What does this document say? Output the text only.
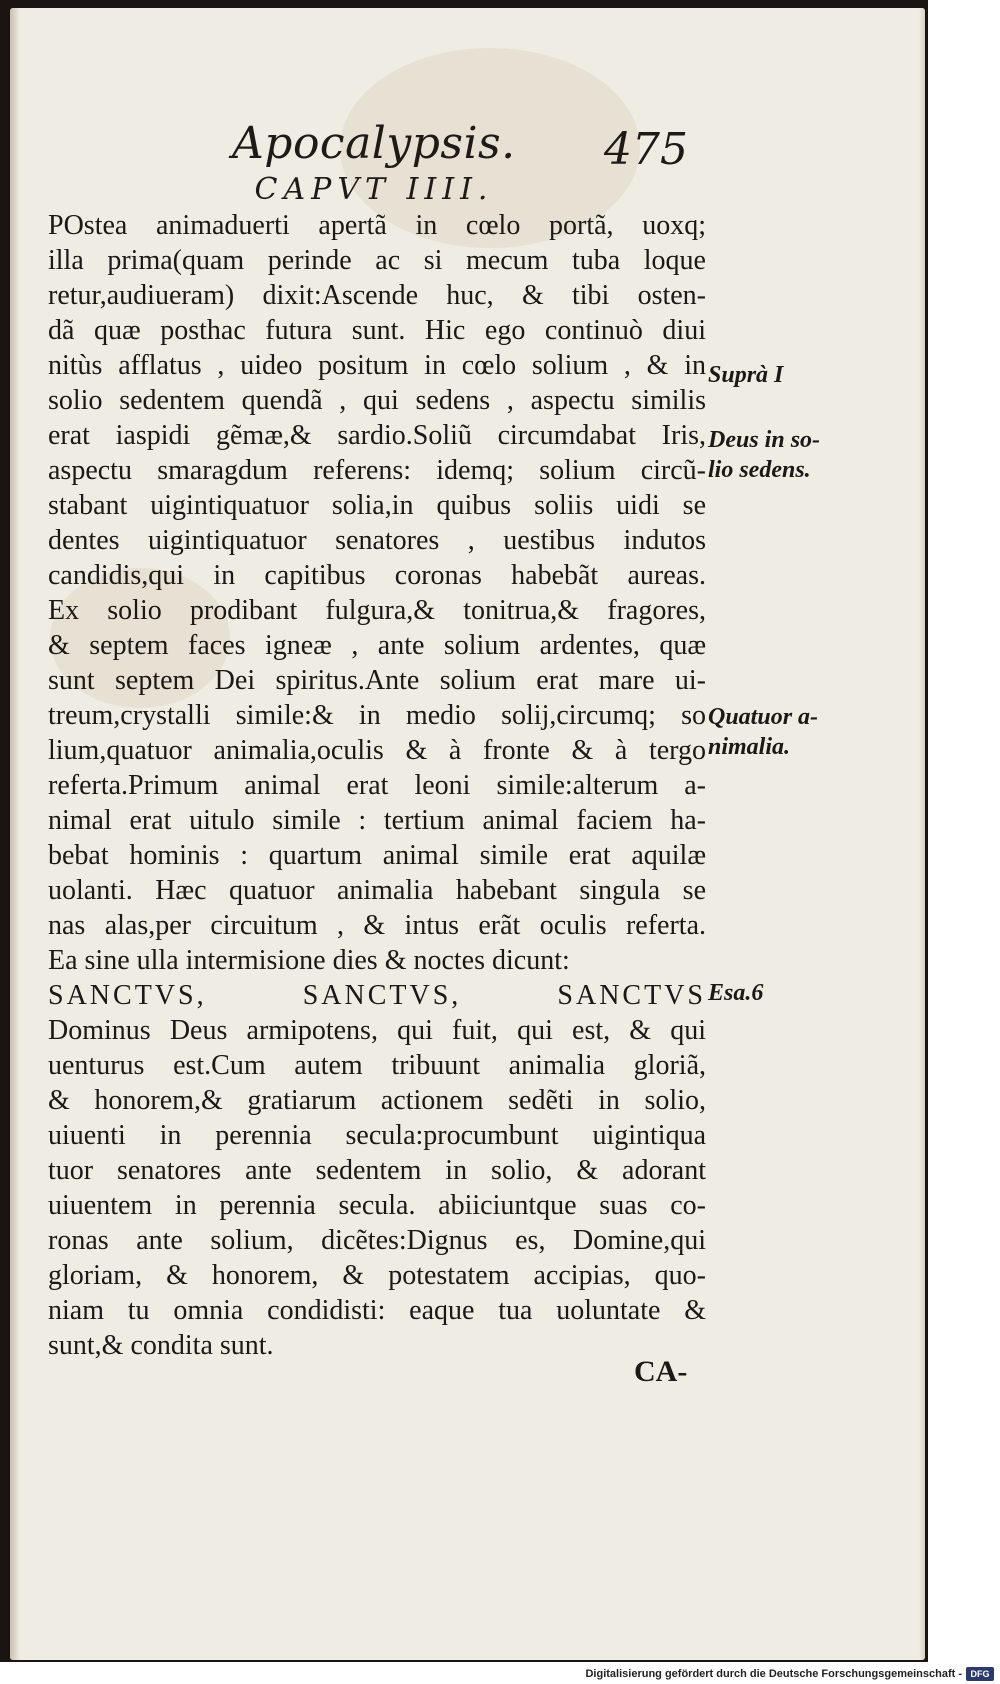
Apocalypsis. 475
CAPVT IIII.
POstea animaduerti apertã in cœlo portã, uoxq;
illa prima(quam perinde ac si mecum tuba loque
retur,audiueram) dixit:Ascende huc, & tibi osten-
dã quæ posthac futura sunt. Hic ego continuò diui
nitùs afflatus , uideo positum in cœlo solium , & in
solio sedentem quendã , qui sedens , aspectu similis
erat iaspidi gẽmæ,& sardio.Soliũ circumdabat Iris,
aspectu smaragdum referens: idemq; solium circũ-
stabant uigintiquatuor solia,in quibus soliis uidi se
dentes uigintiquatuor senatores , uestibus indutos
candidis,qui in capitibus coronas habebãt aureas.
Ex solio prodibant fulgura,& tonitrua,& fragores,
& septem faces igneæ , ante solium ardentes, quæ
sunt septem Dei spiritus.Ante solium erat mare ui-
treum,crystalli simile:& in medio solij,circumq; so
lium,quatuor animalia,oculis & à fronte & à tergo
referta.Primum animal erat leoni simile:alterum a-
nimal erat uitulo simile : tertium animal faciem ha-
bebat hominis : quartum animal simile erat aquilæ
uolanti. Hæc quatuor animalia habebant singula se
nas alas,per circuitum , & intus erãt oculis referta.
Ea sine ulla intermisione dies & noctes dicunt:
SANCTVS, SANCTVS, SANCTVS
Dominus Deus armipotens, qui fuit, qui est, & qui
uenturus est.Cum autem tribuunt animalia gloriã,
& honorem,& gratiarum actionem sedẽti in solio,
uiuenti in perennia secula:procumbunt uigintiqua
tuor senatores ante sedentem in solio, & adorant
uiuentem in perennia secula. abiiciuntque suas co-
ronas ante solium, dicẽtes:Dignus es, Domine,qui
gloriam, & honorem, & potestatem accipias, quo-
niam tu omnia condidisti: eaque tua uoluntate &
sunt,& condita sunt.
Suprà I
Deus in so-
lio sedens.
Quatuor a-
nimalia.
Esa.6
CA-
Digitalisierung gefördert durch die Deutsche Forschungsgemeinschaft - DFG
